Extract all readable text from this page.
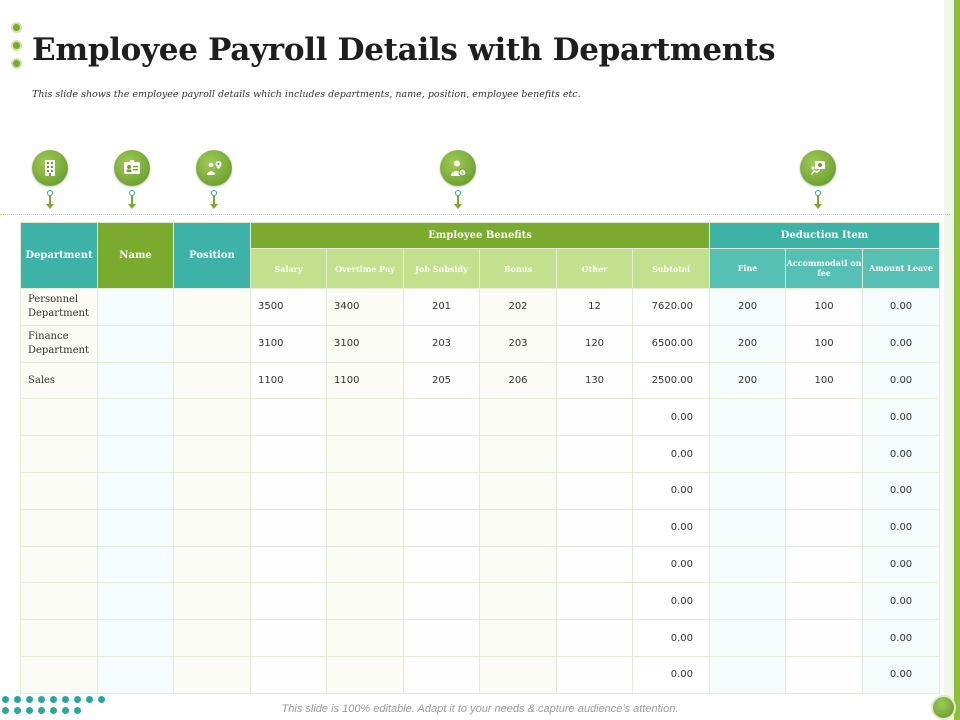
Employee Payroll Details with Departments

This slide shows the employee payroll details which includes departments, name, position, employee benefits etc.

$
Department	Name	Position	Employee Benefits						Deduction Item		
			Salary	Overtime Pay	Job Subsidy	Bonus	Other	Subtotal	Fine	Accommodati on fee	Amount Leave
Personnel Department			3500	3400	201	202	12	7620.00	200	100	0.00
Finance Department			3100	3100	203	203	120	6500.00	200	100	0.00
Sales			1100	1100	205	206	130	2500.00	200	100	0.00
								0.00			0.00
								0.00			0.00
								0.00			0.00
								0.00			0.00
								0.00			0.00
								0.00			0.00
								0.00			0.00
								0.00			0.00

This slide is 100% editable. Adapt it to your needs & capture audience’s attention.
